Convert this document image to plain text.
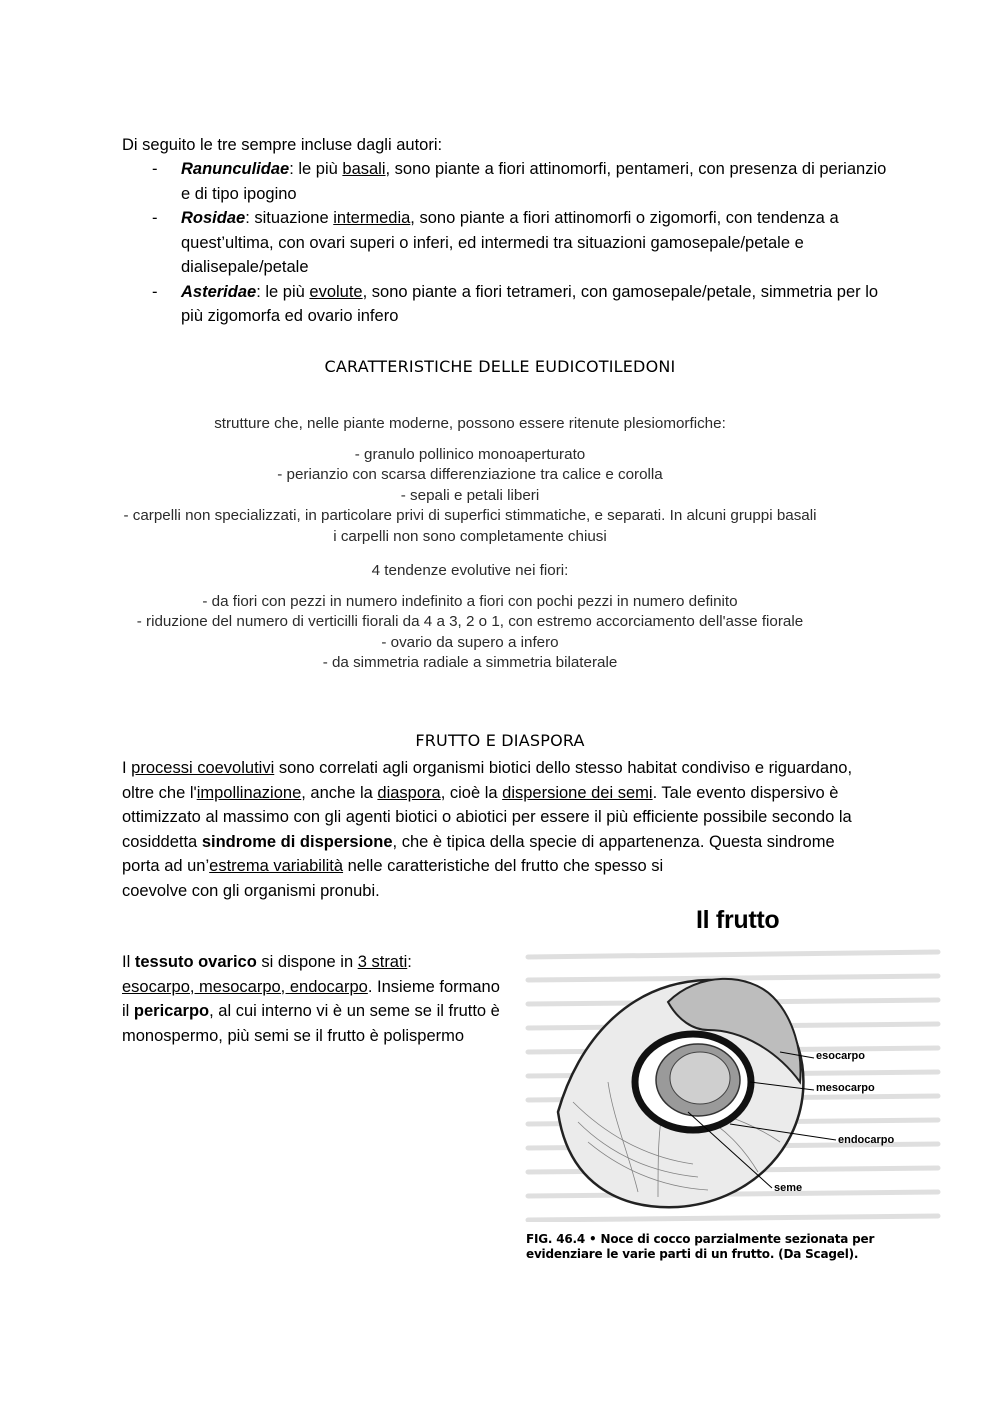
Di seguito le tre sempre incluse dagli autori:

- Ranunculidae: le più basali, sono piante a fiori attinomorfi, pentameri, con presenza di perianzio e di tipo ipogino
- Rosidae: situazione intermedia, sono piante a fiori attinomorfi o zigomorfi, con tendenza a quest’ultima, con ovari superi o inferi, ed intermedi tra situazioni gamosepale/petale e dialisepale/petale
- Asteridae: le più evolute, sono piante a fiori tetrameri, con gamosepale/petale, simmetria per lo più zigomorfa ed ovario infero
CARATTERISTICHE DELLE EUDICOTILEDONI

strutture che, nelle piante moderne, possono essere ritenute plesiomorfiche:

- granulo pollinico monoaperturato

- perianzio con scarsa differenziazione tra calice e corolla

- sepali e petali liberi

- carpelli non specializzati, in particolare privi di superfici stimmatiche, e separati. In alcuni gruppi basali i carpelli non sono completamente chiusi

4 tendenze evolutive nei fiori:

- da fiori con pezzi in numero indefinito a fiori con pochi pezzi in numero definito

- riduzione del numero di verticilli fiorali da 4 a 3, 2 o 1, con estremo accorciamento dell'asse fiorale

- ovario da supero a infero

- da simmetria radiale a simmetria bilaterale

FRUTTO E DIASPORA
I processi coevolutivi sono correlati agli organismi biotici dello stesso habitat condiviso e riguardano, oltre che l'impollinazione, anche la diaspora, cioè la dispersione dei semi. Tale evento dispersivo è ottimizzato al massimo con gli agenti biotici o abiotici per essere il più efficiente possibile secondo la cosiddetta sindrome di dispersione, che è tipica della specie di appartenenza. Questa sindrome porta ad un’estrema variabilità nelle caratteristiche del frutto che spesso si
coevolve con gli organismi pronubi.
Il tessuto ovarico si dispone in 3 strati:
esocarpo, mesocarpo, endocarpo. Insieme formano il pericarpo, al cui interno vi è un seme se il frutto è monospermo, più semi se il frutto è polispermo
Il frutto
esocarpo
mesocarpo
endocarpo
seme
FIG. 46.4 • Noce di cocco parzialmente sezionata per evidenziare le varie parti di un frutto. (Da Scagel).
